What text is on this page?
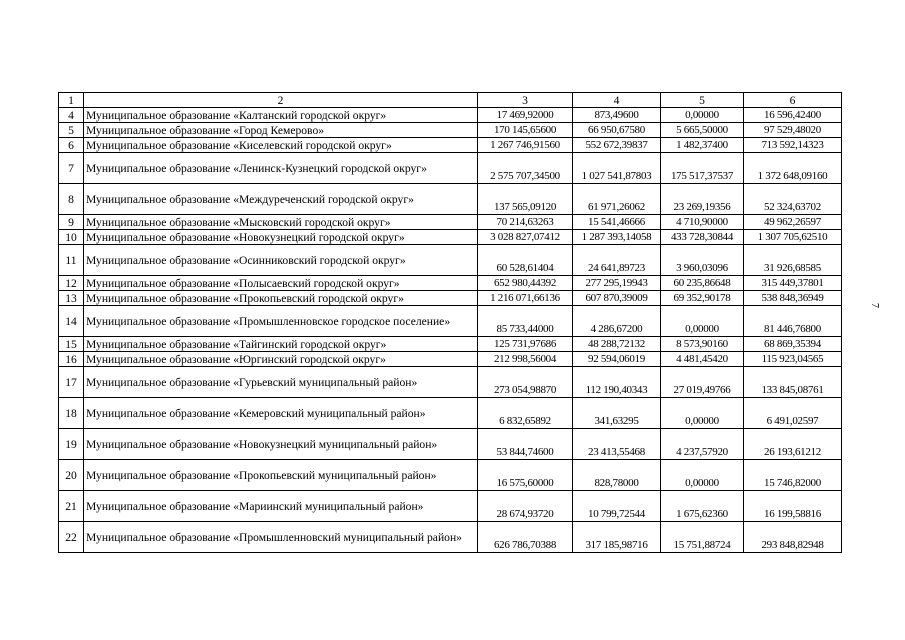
1	2	3	4	5	6
4	Муниципальное образование «Калтанский городской округ»	17 469,92000	873,49600	0,00000	16 596,42400
5	Муниципальное образование «Город Кемерово»	170 145,65600	66 950,67580	5 665,50000	97 529,48020
6	Муниципальное образование «Киселевский городской округ»	1 267 746,91560	552 672,39837	1 482,37400	713 592,14323
7	Муниципальное образование «Ленинск-Кузнецкий городской округ»	2 575 707,34500	1 027 541,87803	175 517,37537	1 372 648,09160
8	Муниципальное образование «Междуреченский городской округ»	137 565,09120	61 971,26062	23 269,19356	52 324,63702
9	Муниципальное образование «Мысковский городской округ»	70 214,63263	15 541,46666	4 710,90000	49 962,26597
10	Муниципальное образование «Новокузнецкий городской округ»	3 028 827,07412	1 287 393,14058	433 728,30844	1 307 705,62510
11	Муниципальное образование «Осинниковский городской округ»	60 528,61404	24 641,89723	3 960,03096	31 926,68585
12	Муниципальное образование «Полысаевский городской округ»	652 980,44392	277 295,19943	60 235,86648	315 449,37801
13	Муниципальное образование «Прокопьевский городской округ»	1 216 071,66136	607 870,39009	69 352,90178	538 848,36949
14	Муниципальное образование «Промышленновское городское поселение»	85 733,44000	4 286,67200	0,00000	81 446,76800
15	Муниципальное образование «Тайгинский городской округ»	125 731,97686	48 288,72132	8 573,90160	68 869,35394
16	Муниципальное образование «Юргинский городской округ»	212 998,56004	92 594,06019	4 481,45420	115 923,04565
17	Муниципальное образование «Гурьевский муниципальный район»	273 054,98870	112 190,40343	27 019,49766	133 845,08761
18	Муниципальное образование «Кемеровский муниципальный район»	6 832,65892	341,63295	0,00000	6 491,02597
19	Муниципальное образование «Новокузнецкий муниципальный район»	53 844,74600	23 413,55468	4 237,57920	26 193,61212
20	Муниципальное образование «Прокопьевский муниципальный район»	16 575,60000	828,78000	0,00000	15 746,82000
21	Муниципальное образование «Мариинский муниципальный район»	28 674,93720	10 799,72544	1 675,62360	16 199,58816
22	Муниципальное образование «Промышленновский муниципальный район»	626 786,70388	317 185,98716	15 751,88724	293 848,82948
7
